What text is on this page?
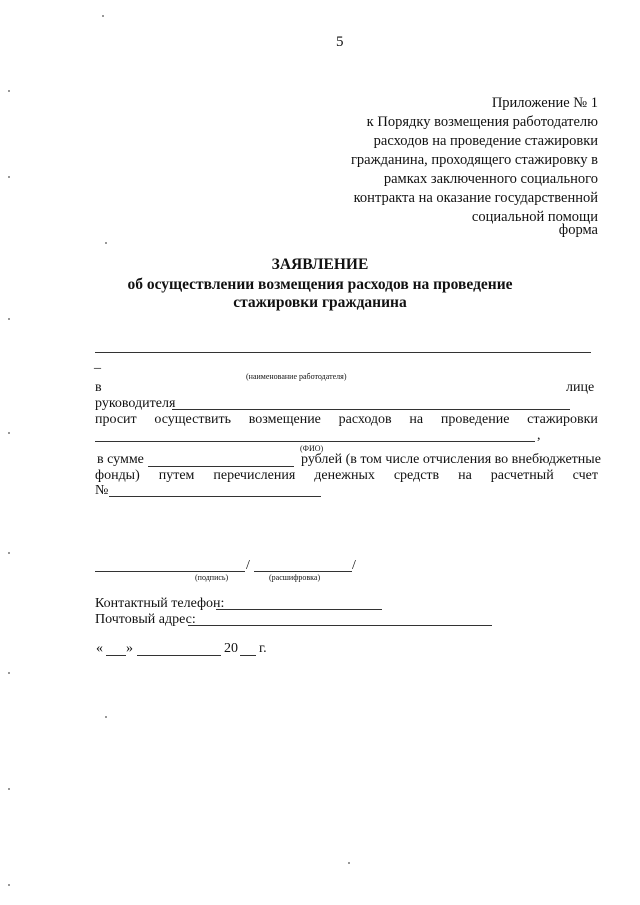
5
Приложение № 1
к Порядку возмещения работодателю
расходов на проведение стажировки
гражданина, проходящего стажировку в
рамках заключенного социального
контракта на оказание государственной
социальной помощи
форма
ЗАЯВЛЕНИЕ
об осуществлении возмещения расходов на проведение
стажировки гражданина
_
(наименование работодателя)
в	лице
руководителя
просит осуществить возмещение расходов на проведение стажировки
,
(ФИО)
в сумме	рублей (в том числе отчисления во внебюджетные
фонды) путем перечисления денежных средств на расчетный счет
№
/	/
(подпись)	(расшифровка)
Контактный телефон:
Почтовый адрес:
« »	20 г.
